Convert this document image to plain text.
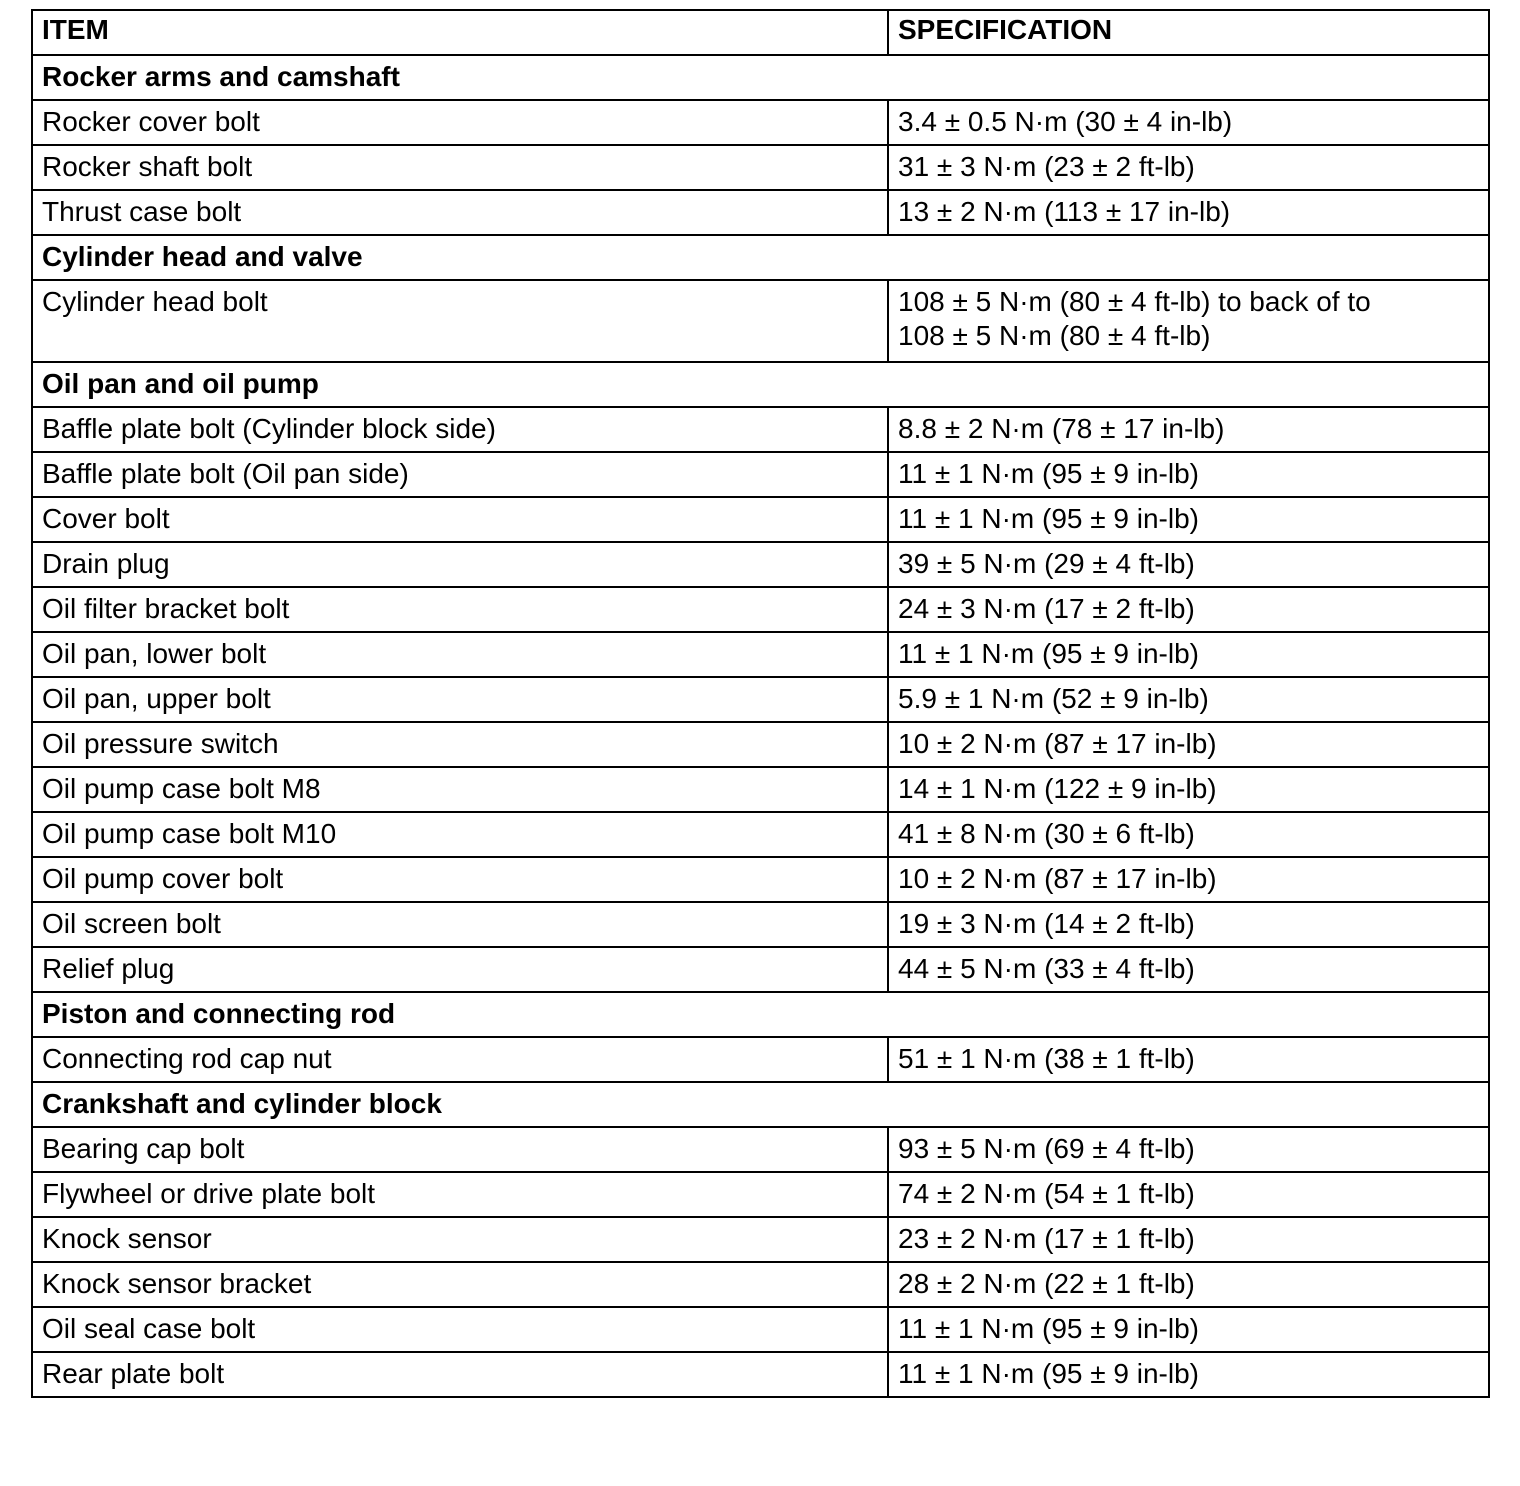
ITEM	SPECIFICATION
Rocker arms and camshaft	
Rocker cover bolt	3.4 ± 0.5 N·m (30 ± 4 in-lb)

Rocker shaft bolt	31 ± 3 N·m (23 ± 2 ft-lb)

Thrust case bolt	13 ± 2 N·m (113 ± 17 in-lb)

Cylinder head and valve	
Cylinder head bolt	108 ± 5 N·m (80 ± 4 ft-lb) to back of to
108 ± 5 N·m (80 ± 4 ft-lb)

Oil pan and oil pump	
Baffle plate bolt (Cylinder block side)	8.8 ± 2 N·m (78 ± 17 in-lb)

Baffle plate bolt (Oil pan side)	11 ± 1 N·m (95 ± 9 in-lb)

Cover bolt	11 ± 1 N·m (95 ± 9 in-lb)

Drain plug	39 ± 5 N·m (29 ± 4 ft-lb)

Oil filter bracket bolt	24 ± 3 N·m (17 ± 2 ft-lb)

Oil pan, lower bolt	11 ± 1 N·m (95 ± 9 in-lb)

Oil pan, upper bolt	5.9 ± 1 N·m (52 ± 9 in-lb)

Oil pressure switch	10 ± 2 N·m (87 ± 17 in-lb)

Oil pump case bolt M8	14 ± 1 N·m (122 ± 9 in-lb)

Oil pump case bolt M10	41 ± 8 N·m (30 ± 6 ft-lb)

Oil pump cover bolt	10 ± 2 N·m (87 ± 17 in-lb)

Oil screen bolt	19 ± 3 N·m (14 ± 2 ft-lb)

Relief plug	44 ± 5 N·m (33 ± 4 ft-lb)

Piston and connecting rod	
Connecting rod cap nut	51 ± 1 N·m (38 ± 1 ft-lb)

Crankshaft and cylinder block	
Bearing cap bolt	93 ± 5 N·m (69 ± 4 ft-lb)

Flywheel or drive plate bolt	74 ± 2 N·m (54 ± 1 ft-lb)

Knock sensor	23 ± 2 N·m (17 ± 1 ft-lb)

Knock sensor bracket	28 ± 2 N·m (22 ± 1 ft-lb)

Oil seal case bolt	11 ± 1 N·m (95 ± 9 in-lb)

Rear plate bolt	11 ± 1 N·m (95 ± 9 in-lb)
